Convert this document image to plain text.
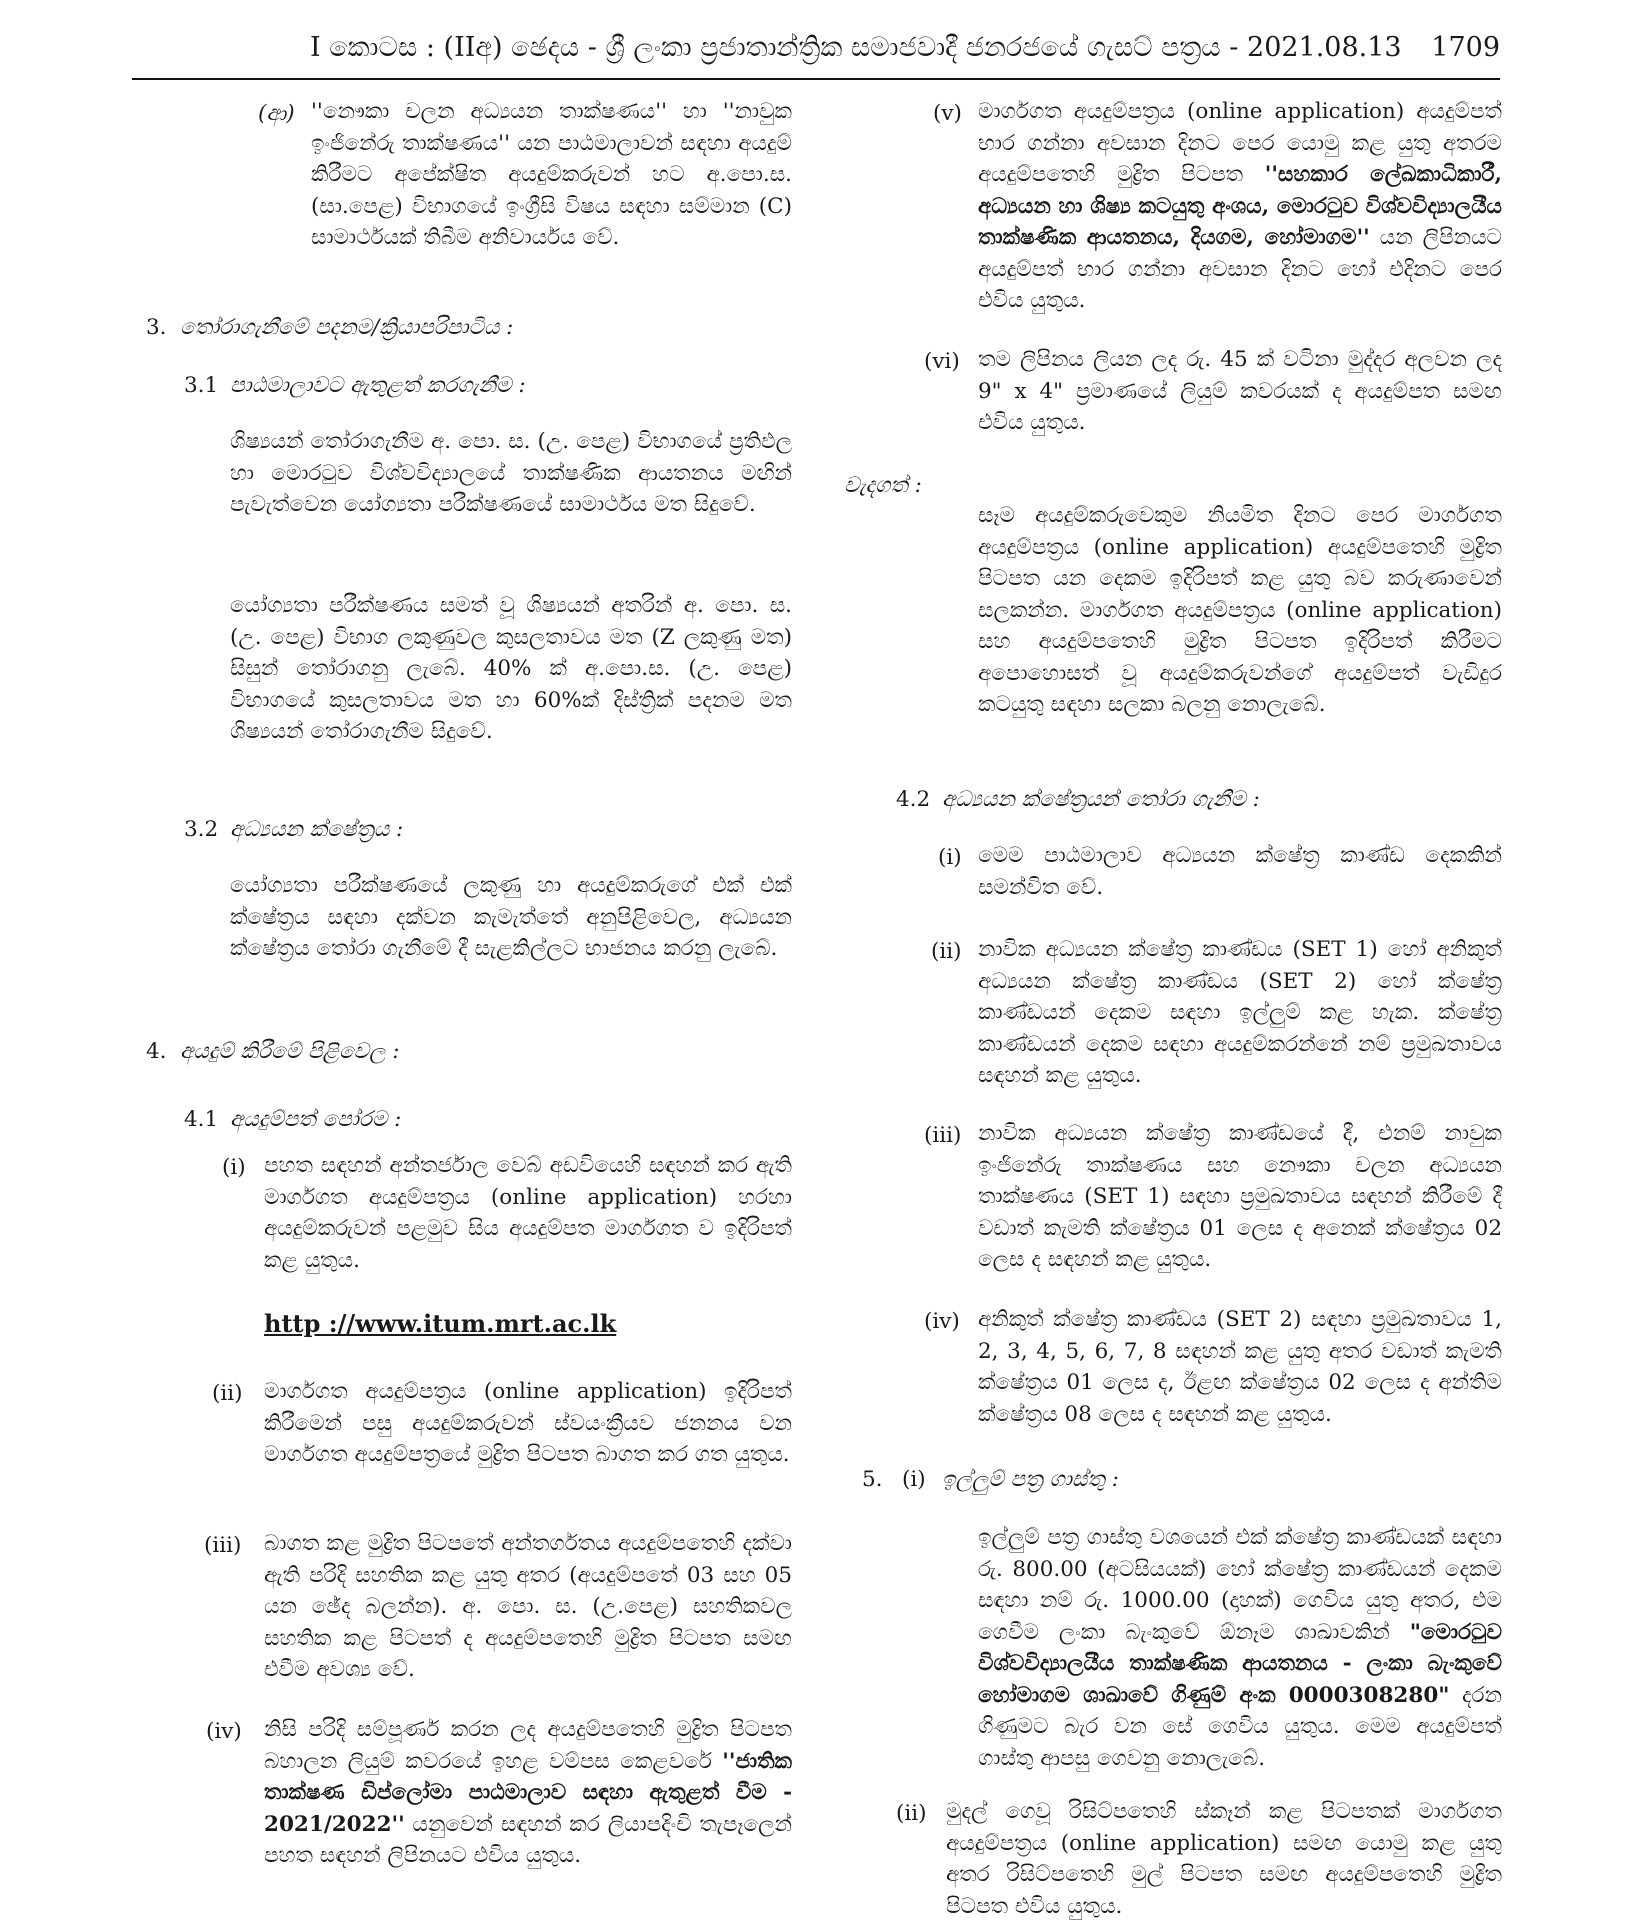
I කොටස : (IIඅ) ඡෙදය - ශ්‍රී ලංකා ප්‍රජාතාන්ත්‍රික සමාජවාදී ජනරජයේ ගැසට් පත්‍රය - 2021.08.13 1709
(ආ) ''නෞකා චලන අධ්‍යයන තාක්ෂණය'' හා ''නාවුක ඉංජිනේරු තාක්ෂණය'' යන පාඨමාලාවන් සඳහා අයදුම් කිරීමට අපේක්ෂිත අයදුම්කරුවන් හට අ.පො.ස. (සා.පෙළ) විභාගයේ ඉංග්‍රීසි විෂය සඳහා සම්මාන (C) සාමාර්ථයක් තිබීම අනිවාර්යය වේ.
3. තෝරාගැනීමේ පදනම/ක්‍රියාපරිපාටිය :
3.1 පාඨමාලාවට ඇතුළත් කරගැනීම :
ශිෂ්‍යයන් තෝරාගැනීම අ. පො. ස. (උ. පෙළ) විභාගයේ ප්‍රතිඵල හා මොරටුව විශ්වවිද්‍යාලයේ තාක්ෂණික ආයතනය මඟින් පැවැත්වෙන යෝග්‍යතා පරීක්ෂණයේ සාමාර්ථය මත සිදුවේ.
යෝග්‍යතා පරීක්ෂණය සමත් වූ ශිෂ්‍යයන් අතරින් අ. පො. ස. (උ. පෙළ) විභාග ලකුණුවල කුසලතාවය මත (Z ලකුණු මත) සිසුන් තෝරාගනු ලැබේ. 40% ක් අ.පො.ස. (උ. පෙළ) විභාගයේ කුසලතාවය මත හා 60%ක් දිස්ත්‍රික් පදනම මත ශිෂ්‍යයන් තෝරාගැනීම සිදුවේ.
3.2 අධ්‍යයන ක්ෂේත්‍රය :
යෝග්‍යතා පරීක්ෂණයේ ලකුණු හා අයදුම්කරුගේ එක් එක් ක්ෂේත්‍රය සඳහා දක්වන කැමැත්තේ අනුපිළිවෙල, අධ්‍යයන ක්ෂේත්‍රය තෝරා ගැනීමේ දී සැළකිල්ලට භාජනය කරනු ලැබේ.
4. අයදුම් කිරීමේ පිළිවෙල :
4.1 අයදුම්පත් පෝරම :
(i) පහත සඳහන් අන්තර්ජාල වෙබ් අඩවියෙහි සඳහන් කර ඇති මාර්ගගත අයදුම්පත්‍රය (online application) හරහා අයදුම්කරුවන් පළමුව සිය අයදුම්පත මාර්ගගත ව ඉදිරිපත් කළ යුතුය.
http ://www.itum.mrt.ac.lk
(ii) මාර්ගගත අයදුම්පත්‍රය (online application) ඉදිරිපත් කිරීමෙන් පසු අයදුම්කරුවන් ස්වයංක්‍රීයව ජනනය වන මාර්ගගත අයදුම්පත්‍රයේ මුද්‍රිත පිටපත බාගත කර ගත යුතුය.
(iii) බාගත කළ මුද්‍රිත පිටපතේ අන්තර්ගතය අයදුම්පතෙහි දක්වා ඇති පරිදි සහතික කළ යුතු අතර (අයදුම්පතේ 03 සහ 05 යන ඡේද බලන්න). අ. පො. ස. (උ.පෙළ) සහතිකවල සහතික කළ පිටපත් ද අයදුම්පතෙහි මුද්‍රිත පිටපත සමඟ එවීම අවශ්‍ය වේ.
(iv) නිසි පරිදි සම්පූර්ණ කරන ලද අයදුම්පතෙහි මුද්‍රිත පිටපත බහාලන ලියුම් කවරයේ ඉහළ වම්පස කෙළවරේ ''ජාතික තාක්ෂණ ඩිප්ලෝමා පාඨමාලාව සඳහා ඇතුළත් වීම - 2021/2022'' යනුවෙන් සඳහන් කර ලියාපදිංචි තැපෑලෙන් පහත සඳහන් ලිපිනයට එවිය යුතුය.
(v) මාර්ගගත අයදුම්පත්‍රය (online application) අයදුම්පත් භාර ගන්නා අවසාන දිනට පෙර යොමු කළ යුතු අතරම අයදුම්පතෙහි මුද්‍රිත පිටපත ''සහකාර ලේඛකාධිකාරී, අධ්‍යයන හා ශිෂ්‍ය කටයුතු අංශය, මොරටුව විශ්වවිද්‍යාලයීය තාක්ෂණික ආයතනය, දියගම, හෝමාගම'' යන ලිපිනයට අයදුම්පත් භාර ගන්නා අවසාන දිනට හෝ එදිනට පෙර එවිය යුතුය.
(vi) තම ලිපිනය ලියන ලද රු. 45 ක් වටිනා මුද්දර අලවන ලද 9" x 4" ප්‍රමාණයේ ලියුම් කවරයක් ද අයදුම්පත සමඟ එවිය යුතුය.
වැදගත් :
සෑම අයදුම්කරුවෙකුම නියමිත දිනට පෙර මාර්ගගත අයදුම්පත්‍රය (online application) අයදුම්පතෙහි මුද්‍රිත පිටපත යන දෙකම ඉදිරිපත් කළ යුතු බව කරුණාවෙන් සලකන්න. මාර්ගගත අයදුම්පත්‍රය (online application) සහ අයදුම්පතෙහි මුද්‍රිත පිටපත ඉදිරිපත් කිරීමට අපොහොසත් වූ අයදුම්කරුවන්ගේ අයදුම්පත් වැඩිදුර කටයුතු සඳහා සලකා බලනු නොලැබේ.
4.2 අධ්‍යයන ක්ෂේත්‍රයන් තෝරා ගැනීම :
(i) මෙම පාඨමාලාව අධ්‍යයන ක්ෂේත්‍ර කාණ්ඩ දෙකකින් සමන්විත වේ.
(ii) නාවික අධ්‍යයන ක්ෂේත්‍ර කාණ්ඩය (SET 1) හෝ අනිකුත් අධ්‍යයන ක්ෂේත්‍ර කාණ්ඩය (SET 2) හෝ ක්ෂේත්‍ර කාණ්ඩයන් දෙකම සඳහා ඉල්ලුම් කළ හැක. ක්ෂේත්‍ර කාණ්ඩයන් දෙකම සඳහා අයදුම්කරන්නේ නම් ප්‍රමුඛතාවය සඳහන් කළ යුතුය.
(iii) නාවික අධ්‍යයන ක්ෂේත්‍ර කාණ්ඩයේ දී, එනම් නාවුක ඉංජිනේරු තාක්ෂණය සහ නෞකා චලන අධ්‍යයන තාක්ෂණය (SET 1) සඳහා ප්‍රමුඛතාවය සඳහන් කිරීමේ දී වඩාත් කැමති ක්ෂේත්‍රය 01 ලෙස ද අනෙක් ක්ෂේත්‍රය 02 ලෙස ද සඳහන් කළ යුතුය.
(iv) අනිකුත් ක්ෂේත්‍ර කාණ්ඩය (SET 2) සඳහා ප්‍රමුඛතාවය 1, 2, 3, 4, 5, 6, 7, 8 සඳහන් කළ යුතු අතර වඩාත් කැමති ක්ෂේත්‍රය 01 ලෙස ද, ඊළඟ ක්ෂේත්‍රය 02 ලෙස ද අන්තිම ක්ෂේත්‍රය 08 ලෙස ද සඳහන් කළ යුතුය.
5. (i) ඉල්ලුම් පත්‍ර ගාස්තු :
ඉල්ලුම් පත්‍ර ගාස්තු වශයෙන් එක් ක්ෂේත්‍ර කාණ්ඩයක් සඳහා රු. 800.00 (අටසියයක්) හෝ ක්ෂේත්‍ර කාණ්ඩයන් දෙකම සඳහා නම් රු. 1000.00 (දාහක්) ගෙවිය යුතු අතර, එම ගෙවීම ලංකා බැංකුවේ ඕනෑම ශාඛාවකින් "මොරටුව විශ්වවිද්‍යාලයීය තාක්ෂණික ආයතනය - ලංකා බැංකුවේ හෝමාගම ශාඛාවේ ගිණුම් අංක 0000308280" දරන ගිණුමට බැර වන සේ ගෙවිය යුතුය. මෙම අයදුම්පත් ගාස්තු ආපසු ගෙවනු නොලැබේ.
(ii) මුදල් ගෙවූ රිසිට්පතෙහි ස්කෑන් කළ පිටපතක් මාර්ගගත අයදුම්පත්‍රය (online application) සමඟ යොමු කළ යුතු අතර රිසිට්පතෙහි මුල් පිටපත සමඟ අයදුම්පතෙහි මුද්‍රිත පිටපත එවිය යුතුය.
